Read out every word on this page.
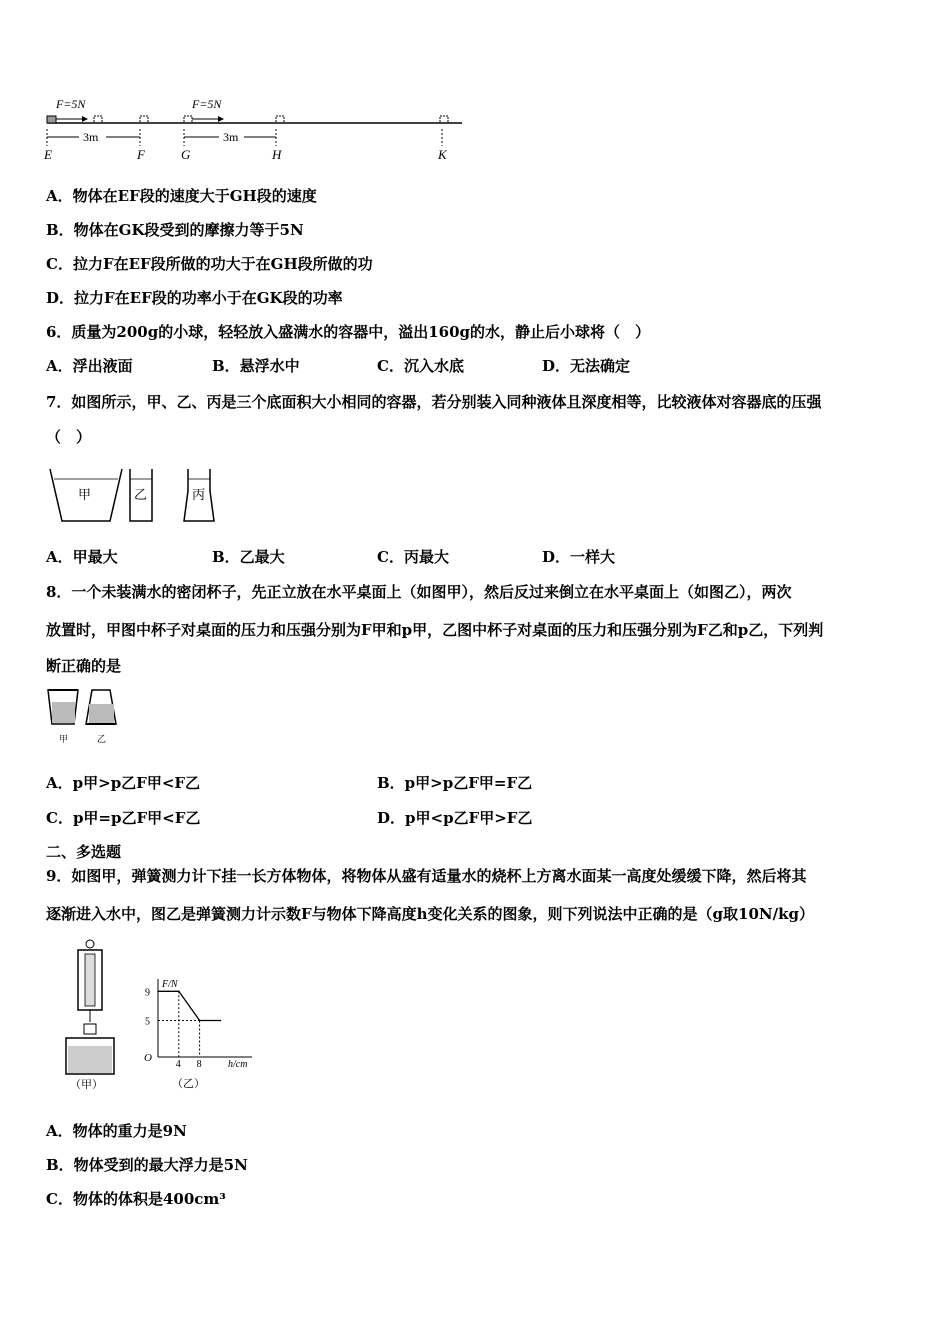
F=5N	F=5N
3m	3m
E	F	G	H	K
A．物体在EF段的速度大于GH段的速度
B．物体在GK段受到的摩擦力等于5N
C．拉力F在EF段所做的功大于在GH段所做的功
D．拉力F在EF段的功率小于在GK段的功率
6．质量为200g的小球，轻轻放入盛满水的容器中，溢出160g的水，静止后小球将（　）
A．浮出液面	B．悬浮水中	C．沉入水底	D．无法确定
7．如图所示，甲、乙、丙是三个底面积大小相同的容器，若分别装入同种液体且深度相等，比较液体对容器底的压强
（　）
甲	乙	丙
A．甲最大	B．乙最大	C．丙最大	D．一样大
8．一个未装满水的密闭杯子，先正立放在水平桌面上（如图甲），然后反过来倒立在水平桌面上（如图乙），两次
放置时，甲图中杯子对桌面的压力和压强分别为F甲和p甲，乙图中杯子对桌面的压力和压强分别为F乙和p乙，下列判
断正确的是
甲	乙
A．p甲>p乙F甲<F乙	B．p甲>p乙F甲=F乙
C．p甲=p乙F甲<F乙	D．p甲<p乙F甲>F乙
二、多选题
9．如图甲，弹簧测力计下挂一长方体物体，将物体从盛有适量水的烧杯上方离水面某一高度处缓缓下降，然后将其
逐渐进入水中，图乙是弹簧测力计示数F与物体下降高度h变化关系的图象，则下列说法中正确的是（g取10N/kg）
（甲）
O
F/N
h/cm
9
5
4 8
（乙）
A．物体的重力是9N
B．物体受到的最大浮力是5N
C．物体的体积是400cm³
